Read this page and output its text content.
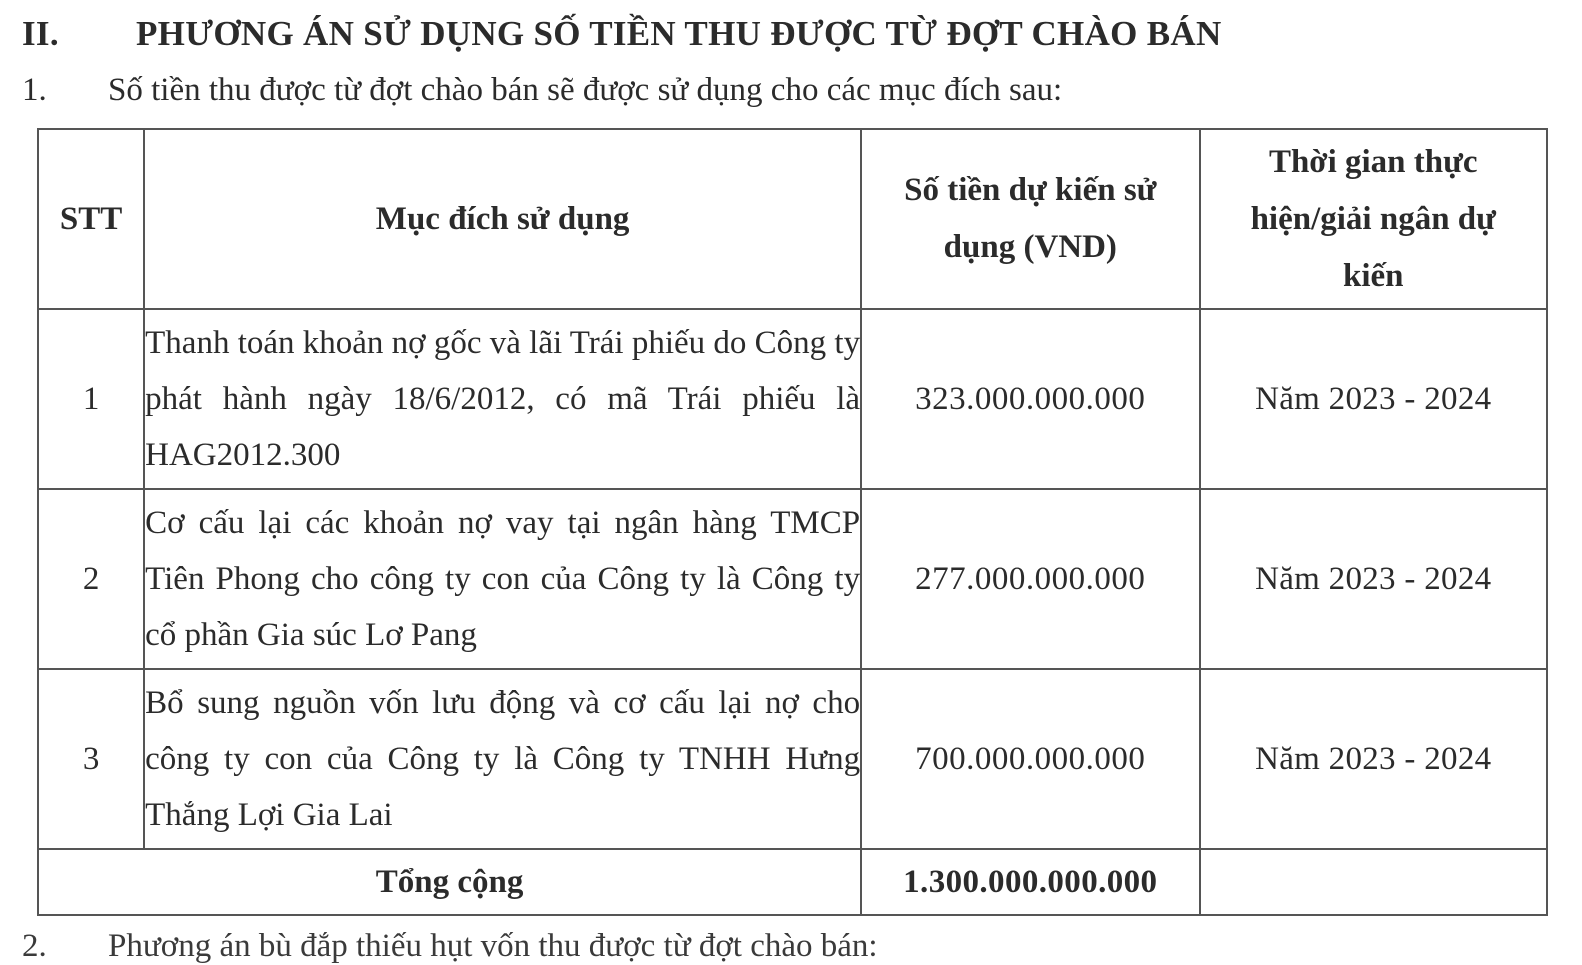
II. PHƯƠNG ÁN SỬ DỤNG SỐ TIỀN THU ĐƯỢC TỪ ĐỢT CHÀO BÁN
1. Số tiền thu được từ đợt chào bán sẽ được sử dụng cho các mục đích sau:
STT	Mục đích sử dụng	Số tiền dự kiến sử dụng (VND)	Thời gian thực hiện/giải ngân dự kiến
1	Thanh toán khoản nợ gốc và lãi Trái phiếu do Công ty phát hành ngày 18/6/2012, có mã Trái phiếu là HAG2012.300	323.000.000.000	Năm 2023 - 2024
2	Cơ cấu lại các khoản nợ vay tại ngân hàng TMCP Tiên Phong cho công ty con của Công ty là Công ty cổ phần Gia súc Lơ Pang	277.000.000.000	Năm 2023 - 2024
3	Bổ sung nguồn vốn lưu động và cơ cấu lại nợ cho công ty con của Công ty là Công ty TNHH Hưng Thắng Lợi Gia Lai	700.000.000.000	Năm 2023 - 2024
Tổng cộng		1.300.000.000.000	
2. Phương án bù đắp thiếu hụt vốn thu được từ đợt chào bán:
